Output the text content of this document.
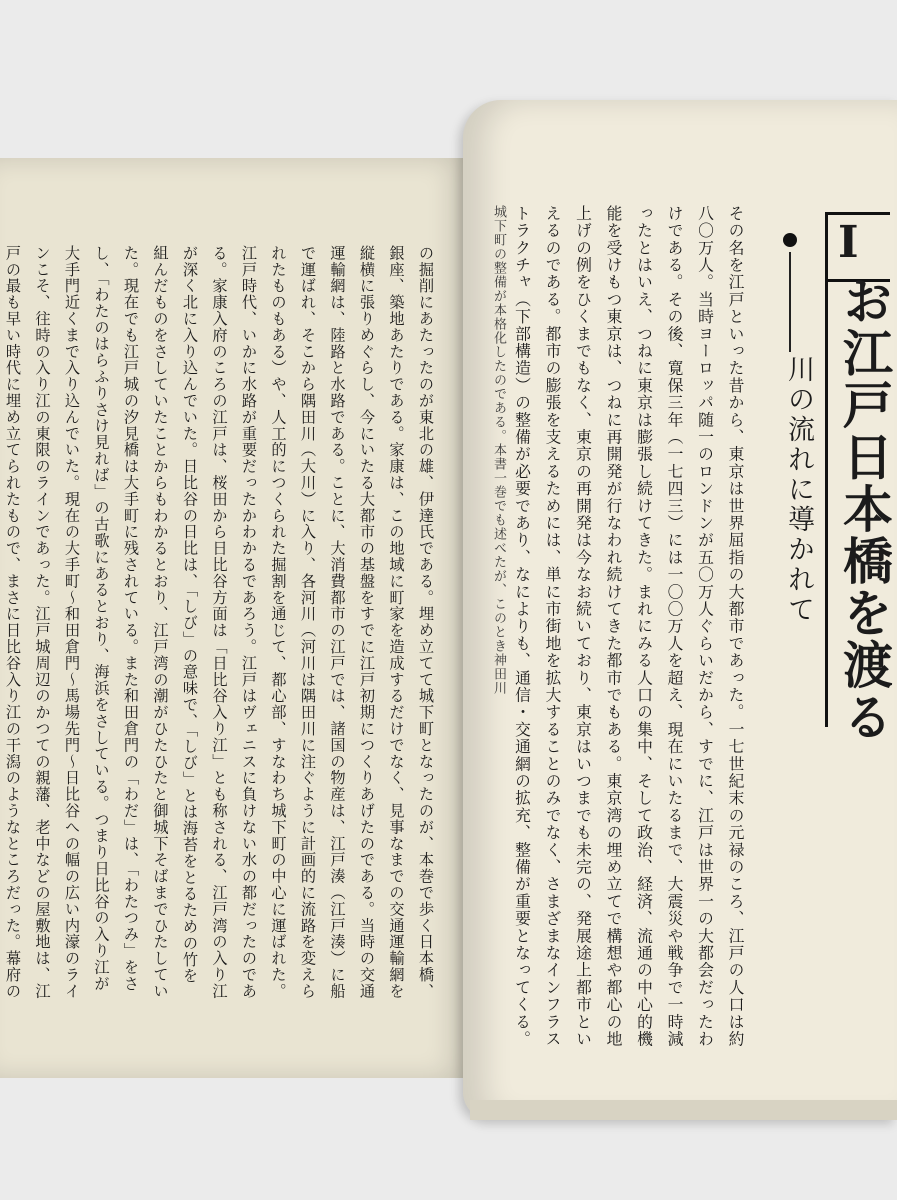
の掘削にあたったのが東北の雄、伊達氏である。埋め立てて城下町となったのが、本巻で歩く日本橋、銀座、築地あたりである。家康は、この地域に町家を造成するだけでなく、見事なまでの交通運輸網を縦横に張りめぐらし、今にいたる大都市の基盤をすでに江戸初期につくりあげたのである。当時の交通運輸網は、陸路と水路である。ことに、大消費都市の江戸では、諸国の物産は、江戸湊（江戸湊）に船で運ばれ、そこから隅田川（大川）に入り、各河川（河川は隅田川に注ぐように計画的に流路を変えられたものもある）や、人工的につくられた掘割を通じて、都心部、すなわち城下町の中心に運ばれた。江戸時代、いかに水路が重要だったかわかるであろう。江戸はヴェニスに負けない水の都だったのである。家康入府のころの江戸は、桜田から日比谷方面は「日比谷入り江」とも称される、江戸湾の入り江が深く北に入り込んでいた。日比谷の日比は、「しび」の意味で、「しび」とは海苔をとるための竹を組んだものをさしていたことからもわかるとおり、江戸湾の潮がひたひたと御城下そばまでひたしていた。現在でも江戸城の汐見橋は大手町に残されている。また和田倉門の「わだ」は、「わたつみ」をさし、「わたのはらふりさけ見れば」の古歌にあるとおり、海浜をさしている。つまり日比谷の入り江が大手門近くまで入り込んでいた。現在の大手町〜和田倉門〜馬場先門〜日比谷への幅の広い内濠のラインこそ、往時の入り江の東限のラインであった。江戸城周辺のかつての親藩、老中などの屋敷地は、江戸の最も早い時代に埋め立てられたもので、まさに日比谷入り江の干潟のようなところだった。幕府の
I
お江戸日本橋を渡る
川の流れに導かれて
その名を江戸といった昔から、東京は世界屈指の大都市であった。一七世紀末の元禄のころ、江戸の人口は約八〇万人。当時ヨーロッパ随一のロンドンが五〇万人ぐらいだから、すでに、江戸は世界一の大都会だったわけである。その後、寛保三年（一七四三）には一〇〇万人を超え、現在にいたるまで、大震災や戦争で一時減ったとはいえ、つねに東京は膨張し続けてきた。まれにみる人口の集中、そして政治、経済、流通の中心的機能を受けもつ東京は、つねに再開発が行なわれ続けてきた都市でもある。東京湾の埋め立てで構想や都心の地上げの例をひくまでもなく、東京の再開発は今なお続いており、東京はいつまでも未完の、発展途上都市といえるのである。都市の膨張を支えるためには、単に市街地を拡大することのみでなく、さまざまなインフラストラクチャ（下部構造）の整備が必要であり、なによりも、通信・交通網の拡充、整備が重要となってくる。
城下町の整備が本格化したのである。本書一巻でも述べたが、このとき神田川
